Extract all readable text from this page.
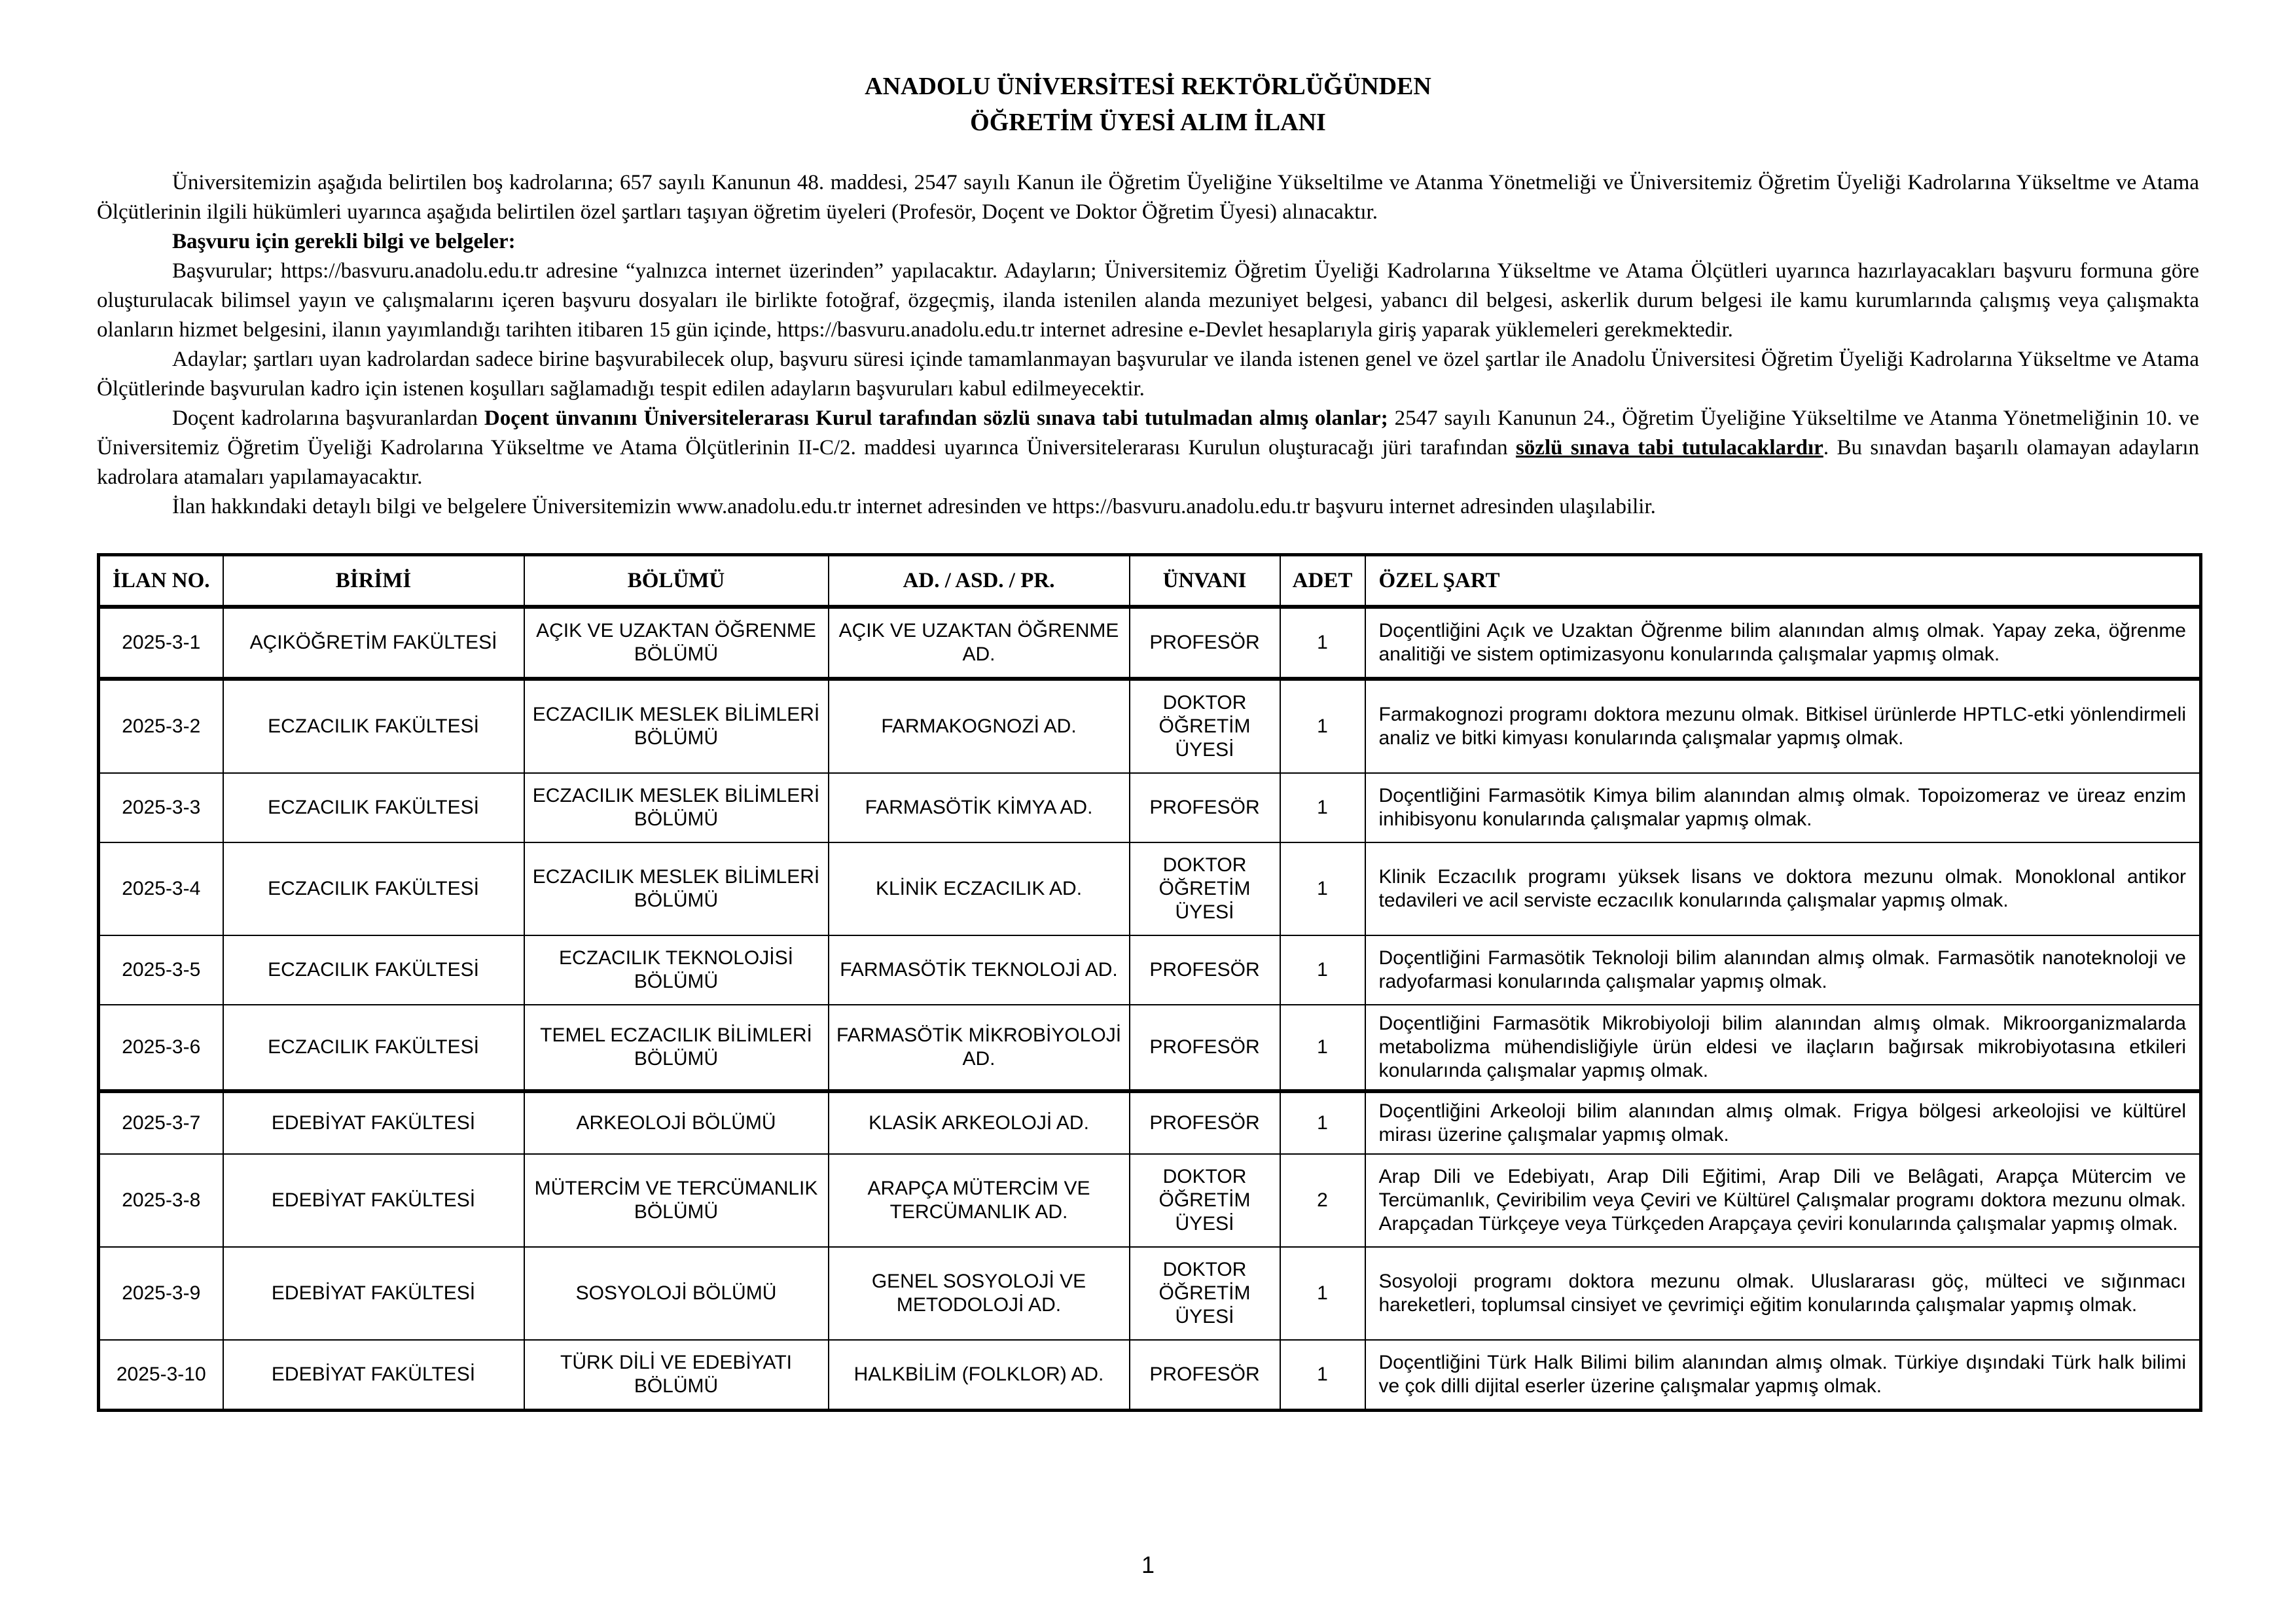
ANADOLU ÜNİVERSİTESİ REKTÖRLÜĞÜNDEN
ÖĞRETİM ÜYESİ ALIM İLANI

Üniversitemizin aşağıda belirtilen boş kadrolarına; 657 sayılı Kanunun 48. maddesi, 2547 sayılı Kanun ile Öğretim Üyeliğine Yükseltilme ve Atanma Yönetmeliği ve Üniversitemiz Öğretim Üyeliği Kadrolarına Yükseltme ve Atama Ölçütlerinin ilgili hükümleri uyarınca aşağıda belirtilen özel şartları taşıyan öğretim üyeleri (Profesör, Doçent ve Doktor Öğretim Üyesi) alınacaktır.

Başvuru için gerekli bilgi ve belgeler:

Başvurular; https://basvuru.anadolu.edu.tr adresine “yalnızca internet üzerinden” yapılacaktır. Adayların; Üniversitemiz Öğretim Üyeliği Kadrolarına Yükseltme ve Atama Ölçütleri uyarınca hazırlayacakları başvuru formuna göre oluşturulacak bilimsel yayın ve çalışmalarını içeren başvuru dosyaları ile birlikte fotoğraf, özgeçmiş, ilanda istenilen alanda mezuniyet belgesi, yabancı dil belgesi, askerlik durum belgesi ile kamu kurumlarında çalışmış veya çalışmakta olanların hizmet belgesini, ilanın yayımlandığı tarihten itibaren 15 gün içinde, https://basvuru.anadolu.edu.tr internet adresine e-Devlet hesaplarıyla giriş yaparak yüklemeleri gerekmektedir.

Adaylar; şartları uyan kadrolardan sadece birine başvurabilecek olup, başvuru süresi içinde tamamlanmayan başvurular ve ilanda istenen genel ve özel şartlar ile Anadolu Üniversitesi Öğretim Üyeliği Kadrolarına Yükseltme ve Atama Ölçütlerinde başvurulan kadro için istenen koşulları sağlamadığı tespit edilen adayların başvuruları kabul edilmeyecektir.

Doçent kadrolarına başvuranlardan Doçent ünvanını Üniversitelerarası Kurul tarafından sözlü sınava tabi tutulmadan almış olanlar; 2547 sayılı Kanunun 24., Öğretim Üyeliğine Yükseltilme ve Atanma Yönetmeliğinin 10. ve Üniversitemiz Öğretim Üyeliği Kadrolarına Yükseltme ve Atama Ölçütlerinin II-C/2. maddesi uyarınca Üniversitelerarası Kurulun oluşturacağı jüri tarafından sözlü sınava tabi tutulacaklardır. Bu sınavdan başarılı olamayan adayların kadrolara atamaları yapılamayacaktır.

İlan hakkındaki detaylı bilgi ve belgelere Üniversitemizin www.anadolu.edu.tr internet adresinden ve https://basvuru.anadolu.edu.tr başvuru internet adresinden ulaşılabilir.

İLAN NO.	BİRİMİ	BÖLÜMÜ	AD. / ASD. / PR.	ÜNVANI	ADET	ÖZEL ŞART
2025-3-1	AÇIKÖĞRETİM FAKÜLTESİ	AÇIK VE UZAKTAN ÖĞRENME BÖLÜMÜ	AÇIK VE UZAKTAN ÖĞRENME AD.	PROFESÖR	1	Doçentliğini Açık ve Uzaktan Öğrenme bilim alanından almış olmak. Yapay zeka, öğrenme analitiği ve sistem optimizasyonu konularında çalışmalar yapmış olmak.
2025-3-2	ECZACILIK FAKÜLTESİ	ECZACILIK MESLEK BİLİMLERİ BÖLÜMÜ	FARMAKOGNOZİ AD.	DOKTOR ÖĞRETİM ÜYESİ	1	Farmakognozi programı doktora mezunu olmak. Bitkisel ürünlerde HPTLC-etki yönlendirmeli analiz ve bitki kimyası konularında çalışmalar yapmış olmak.
2025-3-3	ECZACILIK FAKÜLTESİ	ECZACILIK MESLEK BİLİMLERİ BÖLÜMÜ	FARMASÖTİK KİMYA AD.	PROFESÖR	1	Doçentliğini Farmasötik Kimya bilim alanından almış olmak. Topoizomeraz ve üreaz enzim inhibisyonu konularında çalışmalar yapmış olmak.
2025-3-4	ECZACILIK FAKÜLTESİ	ECZACILIK MESLEK BİLİMLERİ BÖLÜMÜ	KLİNİK ECZACILIK AD.	DOKTOR ÖĞRETİM ÜYESİ	1	Klinik Eczacılık programı yüksek lisans ve doktora mezunu olmak. Monoklonal antikor tedavileri ve acil serviste eczacılık konularında çalışmalar yapmış olmak.
2025-3-5	ECZACILIK FAKÜLTESİ	ECZACILIK TEKNOLOJİSİ BÖLÜMÜ	FARMASÖTİK TEKNOLOJİ AD.	PROFESÖR	1	Doçentliğini Farmasötik Teknoloji bilim alanından almış olmak. Farmasötik nanoteknoloji ve radyofarmasi konularında çalışmalar yapmış olmak.
2025-3-6	ECZACILIK FAKÜLTESİ	TEMEL ECZACILIK BİLİMLERİ BÖLÜMÜ	FARMASÖTİK MİKROBİYOLOJİ AD.	PROFESÖR	1	Doçentliğini Farmasötik Mikrobiyoloji bilim alanından almış olmak. Mikroorganizmalarda metabolizma mühendisliğiyle ürün eldesi ve ilaçların bağırsak mikrobiyotasına etkileri konularında çalışmalar yapmış olmak.
2025-3-7	EDEBİYAT FAKÜLTESİ	ARKEOLOJİ BÖLÜMÜ	KLASİK ARKEOLOJİ AD.	PROFESÖR	1	Doçentliğini Arkeoloji bilim alanından almış olmak. Frigya bölgesi arkeolojisi ve kültürel mirası üzerine çalışmalar yapmış olmak.
2025-3-8	EDEBİYAT FAKÜLTESİ	MÜTERCİM VE TERCÜMANLIK BÖLÜMÜ	ARAPÇA MÜTERCİM VE TERCÜMANLIK AD.	DOKTOR ÖĞRETİM ÜYESİ	2	Arap Dili ve Edebiyatı, Arap Dili Eğitimi, Arap Dili ve Belâgati, Arapça Mütercim ve Tercümanlık, Çeviribilim veya Çeviri ve Kültürel Çalışmalar programı doktora mezunu olmak. Arapçadan Türkçeye veya Türkçeden Arapçaya çeviri konularında çalışmalar yapmış olmak.
2025-3-9	EDEBİYAT FAKÜLTESİ	SOSYOLOJİ BÖLÜMÜ	GENEL SOSYOLOJİ VE METODOLOJİ AD.	DOKTOR ÖĞRETİM ÜYESİ	1	Sosyoloji programı doktora mezunu olmak. Uluslararası göç, mülteci ve sığınmacı hareketleri, toplumsal cinsiyet ve çevrimiçi eğitim konularında çalışmalar yapmış olmak.
2025-3-10	EDEBİYAT FAKÜLTESİ	TÜRK DİLİ VE EDEBİYATI BÖLÜMÜ	HALKBİLİM (FOLKLOR) AD.	PROFESÖR	1	Doçentliğini Türk Halk Bilimi bilim alanından almış olmak. Türkiye dışındaki Türk halk bilimi ve çok dilli dijital eserler üzerine çalışmalar yapmış olmak.
1
